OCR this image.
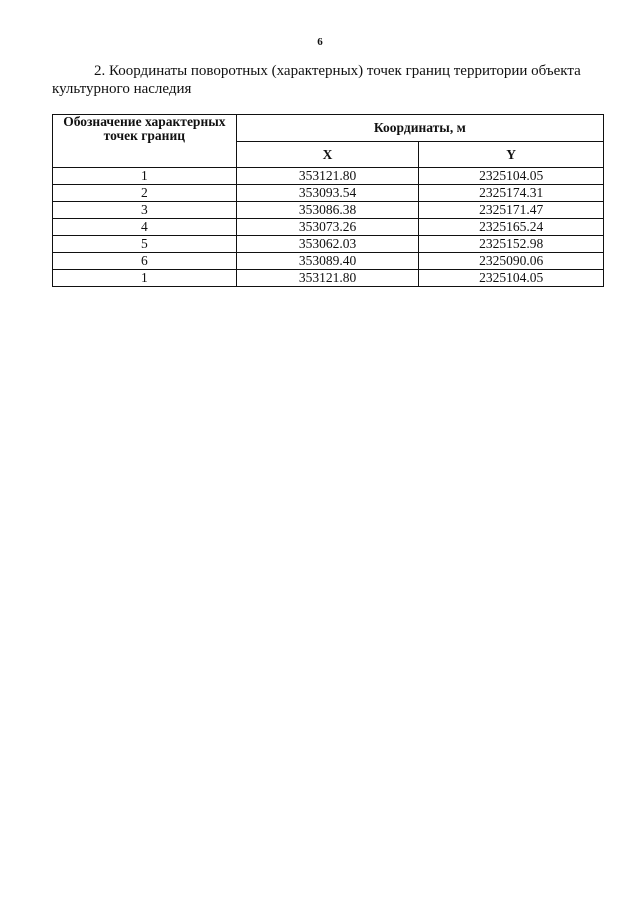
6

2. Координаты поворотных (характерных) точек границ территории объекта культурного наследия

Обозначение характерных точек границ	Координаты, м	
	X	Y
1	353121.80	2325104.05
2	353093.54	2325174.31
3	353086.38	2325171.47
4	353073.26	2325165.24
5	353062.03	2325152.98
6	353089.40	2325090.06
1	353121.80	2325104.05
